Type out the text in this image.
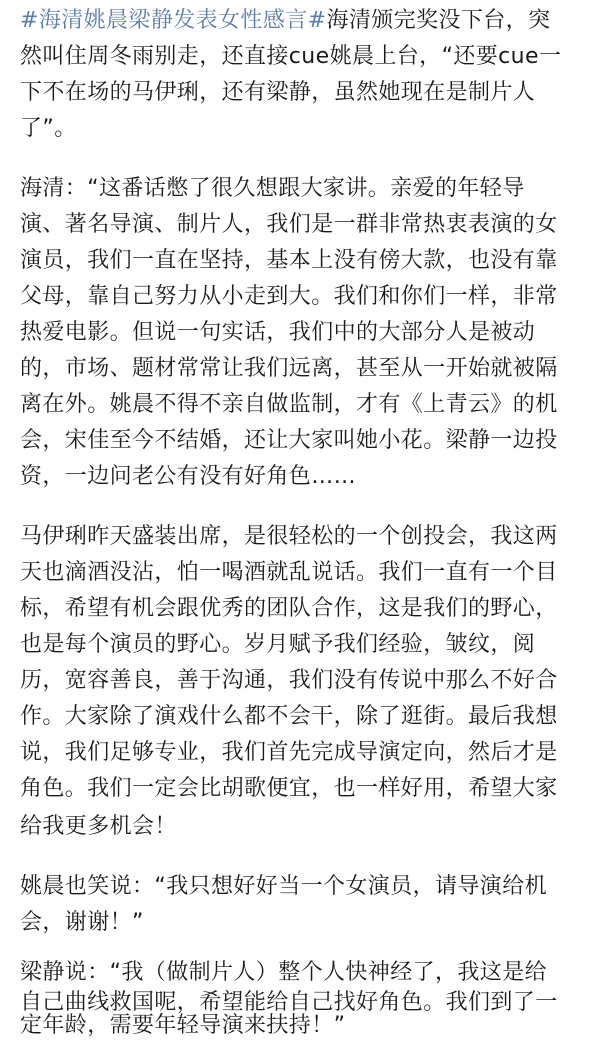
#海清姚晨梁静发表女性感言#海清颁完奖没下台，突
然叫住周冬雨别走，还直接cue姚晨上台，“还要cue一
下不在场的马伊琍，还有梁静，虽然她现在是制片人
了”。
海清：“这番话憋了很久想跟大家讲。亲爱的年轻导
演、著名导演、制片人，我们是一群非常热衷表演的女
演员，我们一直在坚持，基本上没有傍大款，也没有靠
父母，靠自己努力从小走到大。我们和你们一样，非常
热爱电影。但说一句实话，我们中的大部分人是被动
的，市场、题材常常让我们远离，甚至从一开始就被隔
离在外。姚晨不得不亲自做监制，才有《上青云》的机
会，宋佳至今不结婚，还让大家叫她小花。梁静一边投
资，一边问老公有没有好角色……
马伊琍昨天盛装出席，是很轻松的一个创投会，我这两
天也滴酒没沾，怕一喝酒就乱说话。我们一直有一个目
标，希望有机会跟优秀的团队合作，这是我们的野心，
也是每个演员的野心。岁月赋予我们经验，皱纹，阅
历，宽容善良，善于沟通，我们没有传说中那么不好合
作。大家除了演戏什么都不会干，除了逛街。最后我想
说，我们足够专业，我们首先完成导演定向，然后才是
角色。我们一定会比胡歌便宜，也一样好用，希望大家
给我更多机会！
姚晨也笑说：“我只想好好当一个女演员，请导演给机
会，谢谢！”
梁静说：“我（做制片人）整个人快神经了，我这是给
自己曲线救国呢，希望能给自己找好角色。我们到了一
定年龄，需要年轻导演来扶持！”
